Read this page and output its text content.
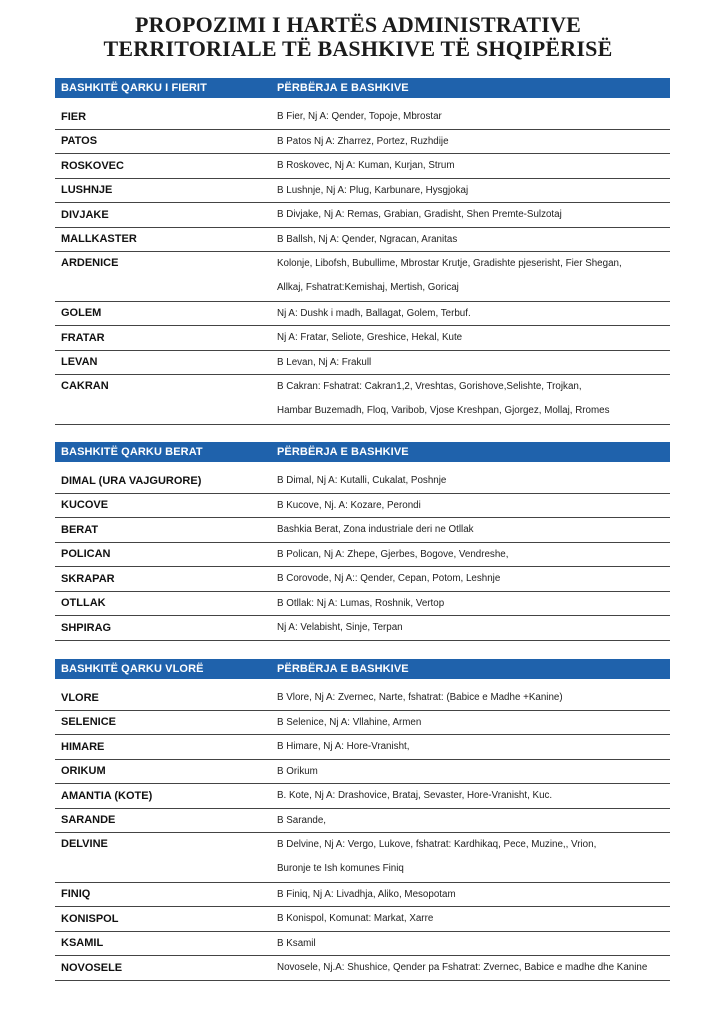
PROPOZIMI I HARTËS ADMINISTRATIVE
TERRITORIALE TË BASHKIVE TË SHQIPËRISË
BASHKITË QARKU I FIERIT	PËRBËRJA E BASHKIVE
FIER	B Fier, Nj A: Qender, Topoje, Mbrostar
PATOS	B Patos Nj A: Zharrez, Portez, Ruzhdije
ROSKOVEC	B Roskovec, Nj A: Kuman, Kurjan, Strum
LUSHNJE	B Lushnje, Nj A: Plug, Karbunare, Hysgjokaj
DIVJAKE	B Divjake, Nj A: Remas, Grabian, Gradisht, Shen Premte-Sulzotaj
MALLKASTER	B Ballsh, Nj A: Qender, Ngracan, Aranitas
ARDENICE	Kolonje, Libofsh, Bubullime, Mbrostar Krutje, Gradishte pjeserisht, Fier Shegan,
Allkaj, Fshatrat:Kemishaj, Mertish, Goricaj
GOLEM	Nj A: Dushk i madh, Ballagat, Golem, Terbuf.
FRATAR	Nj A: Fratar, Seliote, Greshice, Hekal, Kute
LEVAN	B Levan, Nj A: Frakull
CAKRAN	B Cakran: Fshatrat: Cakran1,2, Vreshtas, Gorishove,Selishte, Trojkan,
Hambar Buzemadh, Floq, Varibob, Vjose Kreshpan, Gjorgez, Mollaj, Rromes
BASHKITË QARKU BERAT	PËRBËRJA E BASHKIVE
DIMAL (URA VAJGURORE)	B Dimal, Nj A: Kutalli, Cukalat, Poshnje
KUCOVE	B Kucove, Nj. A: Kozare, Perondi
BERAT	Bashkia Berat, Zona industriale deri ne Otllak
POLICAN	B Polican, Nj A: Zhepe, Gjerbes, Bogove, Vendreshe,
SKRAPAR	B Corovode, Nj A:: Qender, Cepan, Potom, Leshnje
OTLLAK	B Otllak: Nj A: Lumas, Roshnik, Vertop
SHPIRAG	Nj A: Velabisht, Sinje, Terpan
BASHKITË QARKU VLORË	PËRBËRJA E BASHKIVE
VLORE	B Vlore, Nj A: Zvernec, Narte, fshatrat: (Babice e Madhe +Kanine)
SELENICE	B Selenice, Nj A: Vllahine, Armen
HIMARE	B Himare, Nj A: Hore-Vranisht,
ORIKUM	B Orikum
AMANTIA (KOTE)	B. Kote, Nj A: Drashovice, Brataj, Sevaster, Hore-Vranisht, Kuc.
SARANDE	B Sarande,
DELVINE	B Delvine, Nj A: Vergo, Lukove, fshatrat: Kardhikaq, Pece, Muzine,, Vrion,
Buronje te Ish komunes Finiq
FINIQ	B Finiq, Nj A: Livadhja, Aliko, Mesopotam
KONISPOL	B Konispol, Komunat: Markat, Xarre
KSAMIL	B Ksamil
NOVOSELE	Novosele, Nj.A: Shushice, Qender pa Fshatrat: Zvernec, Babice e madhe dhe Kanine
